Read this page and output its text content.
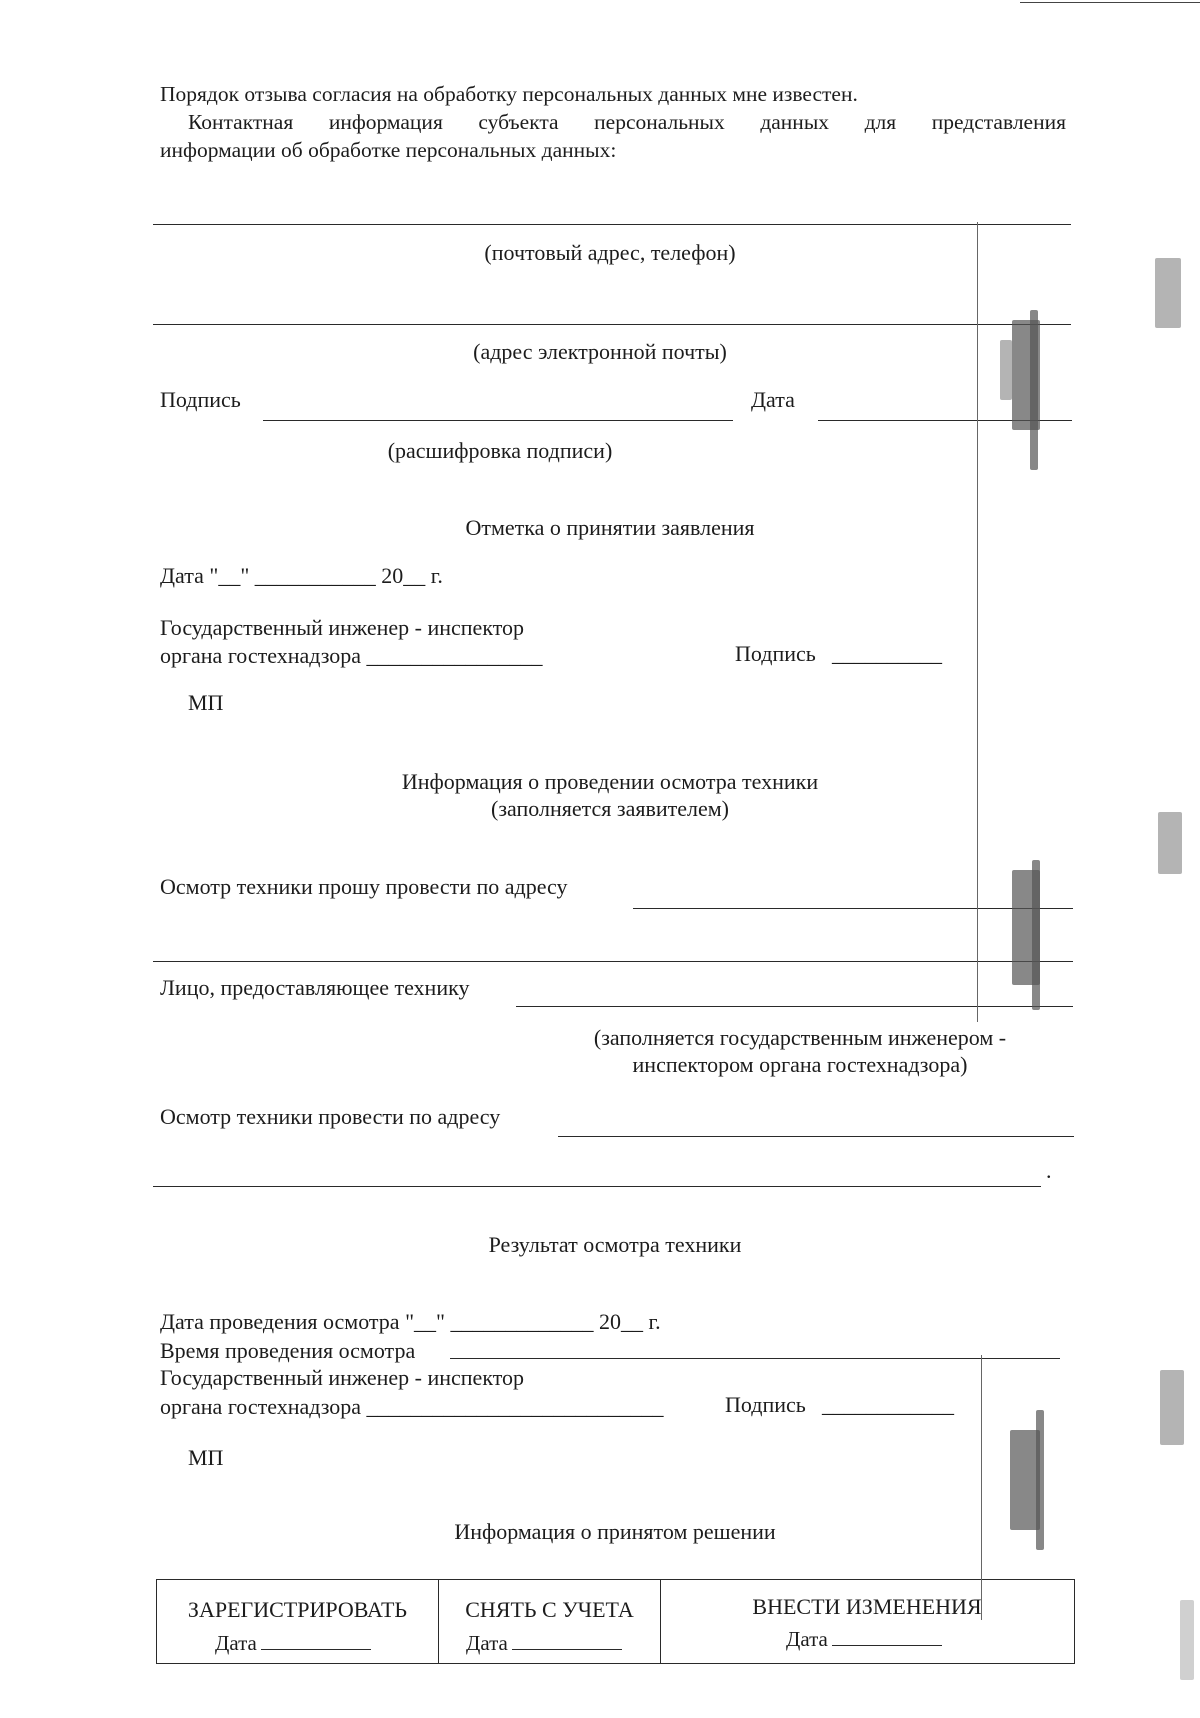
Порядок отзыва согласия на обработку персональных данных мне известен.
Контактная информация субъекта персональных данных для представления
информации об обработке персональных данных:
(почтовый адрес, телефон)
(адрес электронной почты)
Подпись	Дата
(расшифровка подписи)
Отметка о принятии заявления
Дата "__" ___________ 20__ г.
Государственный инженер - инспектор
органа гостехнадзора ________________	Подпись __________
МП
Информация о проведении осмотра техники
(заполняется заявителем)
Осмотр техники прошу провести по адресу
Лицо, предоставляющее технику
(заполняется государственным инженером -
инспектором органа гостехнадзора)
Осмотр техники провести по адресу
.
Результат осмотра техники
Дата проведения осмотра "__" _____________ 20__ г.
Время проведения осмотра
Государственный инженер - инспектор
органа гостехнадзора ___________________________	Подпись ____________
МП
Информация о принятом решении
ЗАРЕГИСТРИРОВАТЬ
Дата
СНЯТЬ С УЧЕТА
Дата
ВНЕСТИ ИЗМЕНЕНИЯ
Дата
